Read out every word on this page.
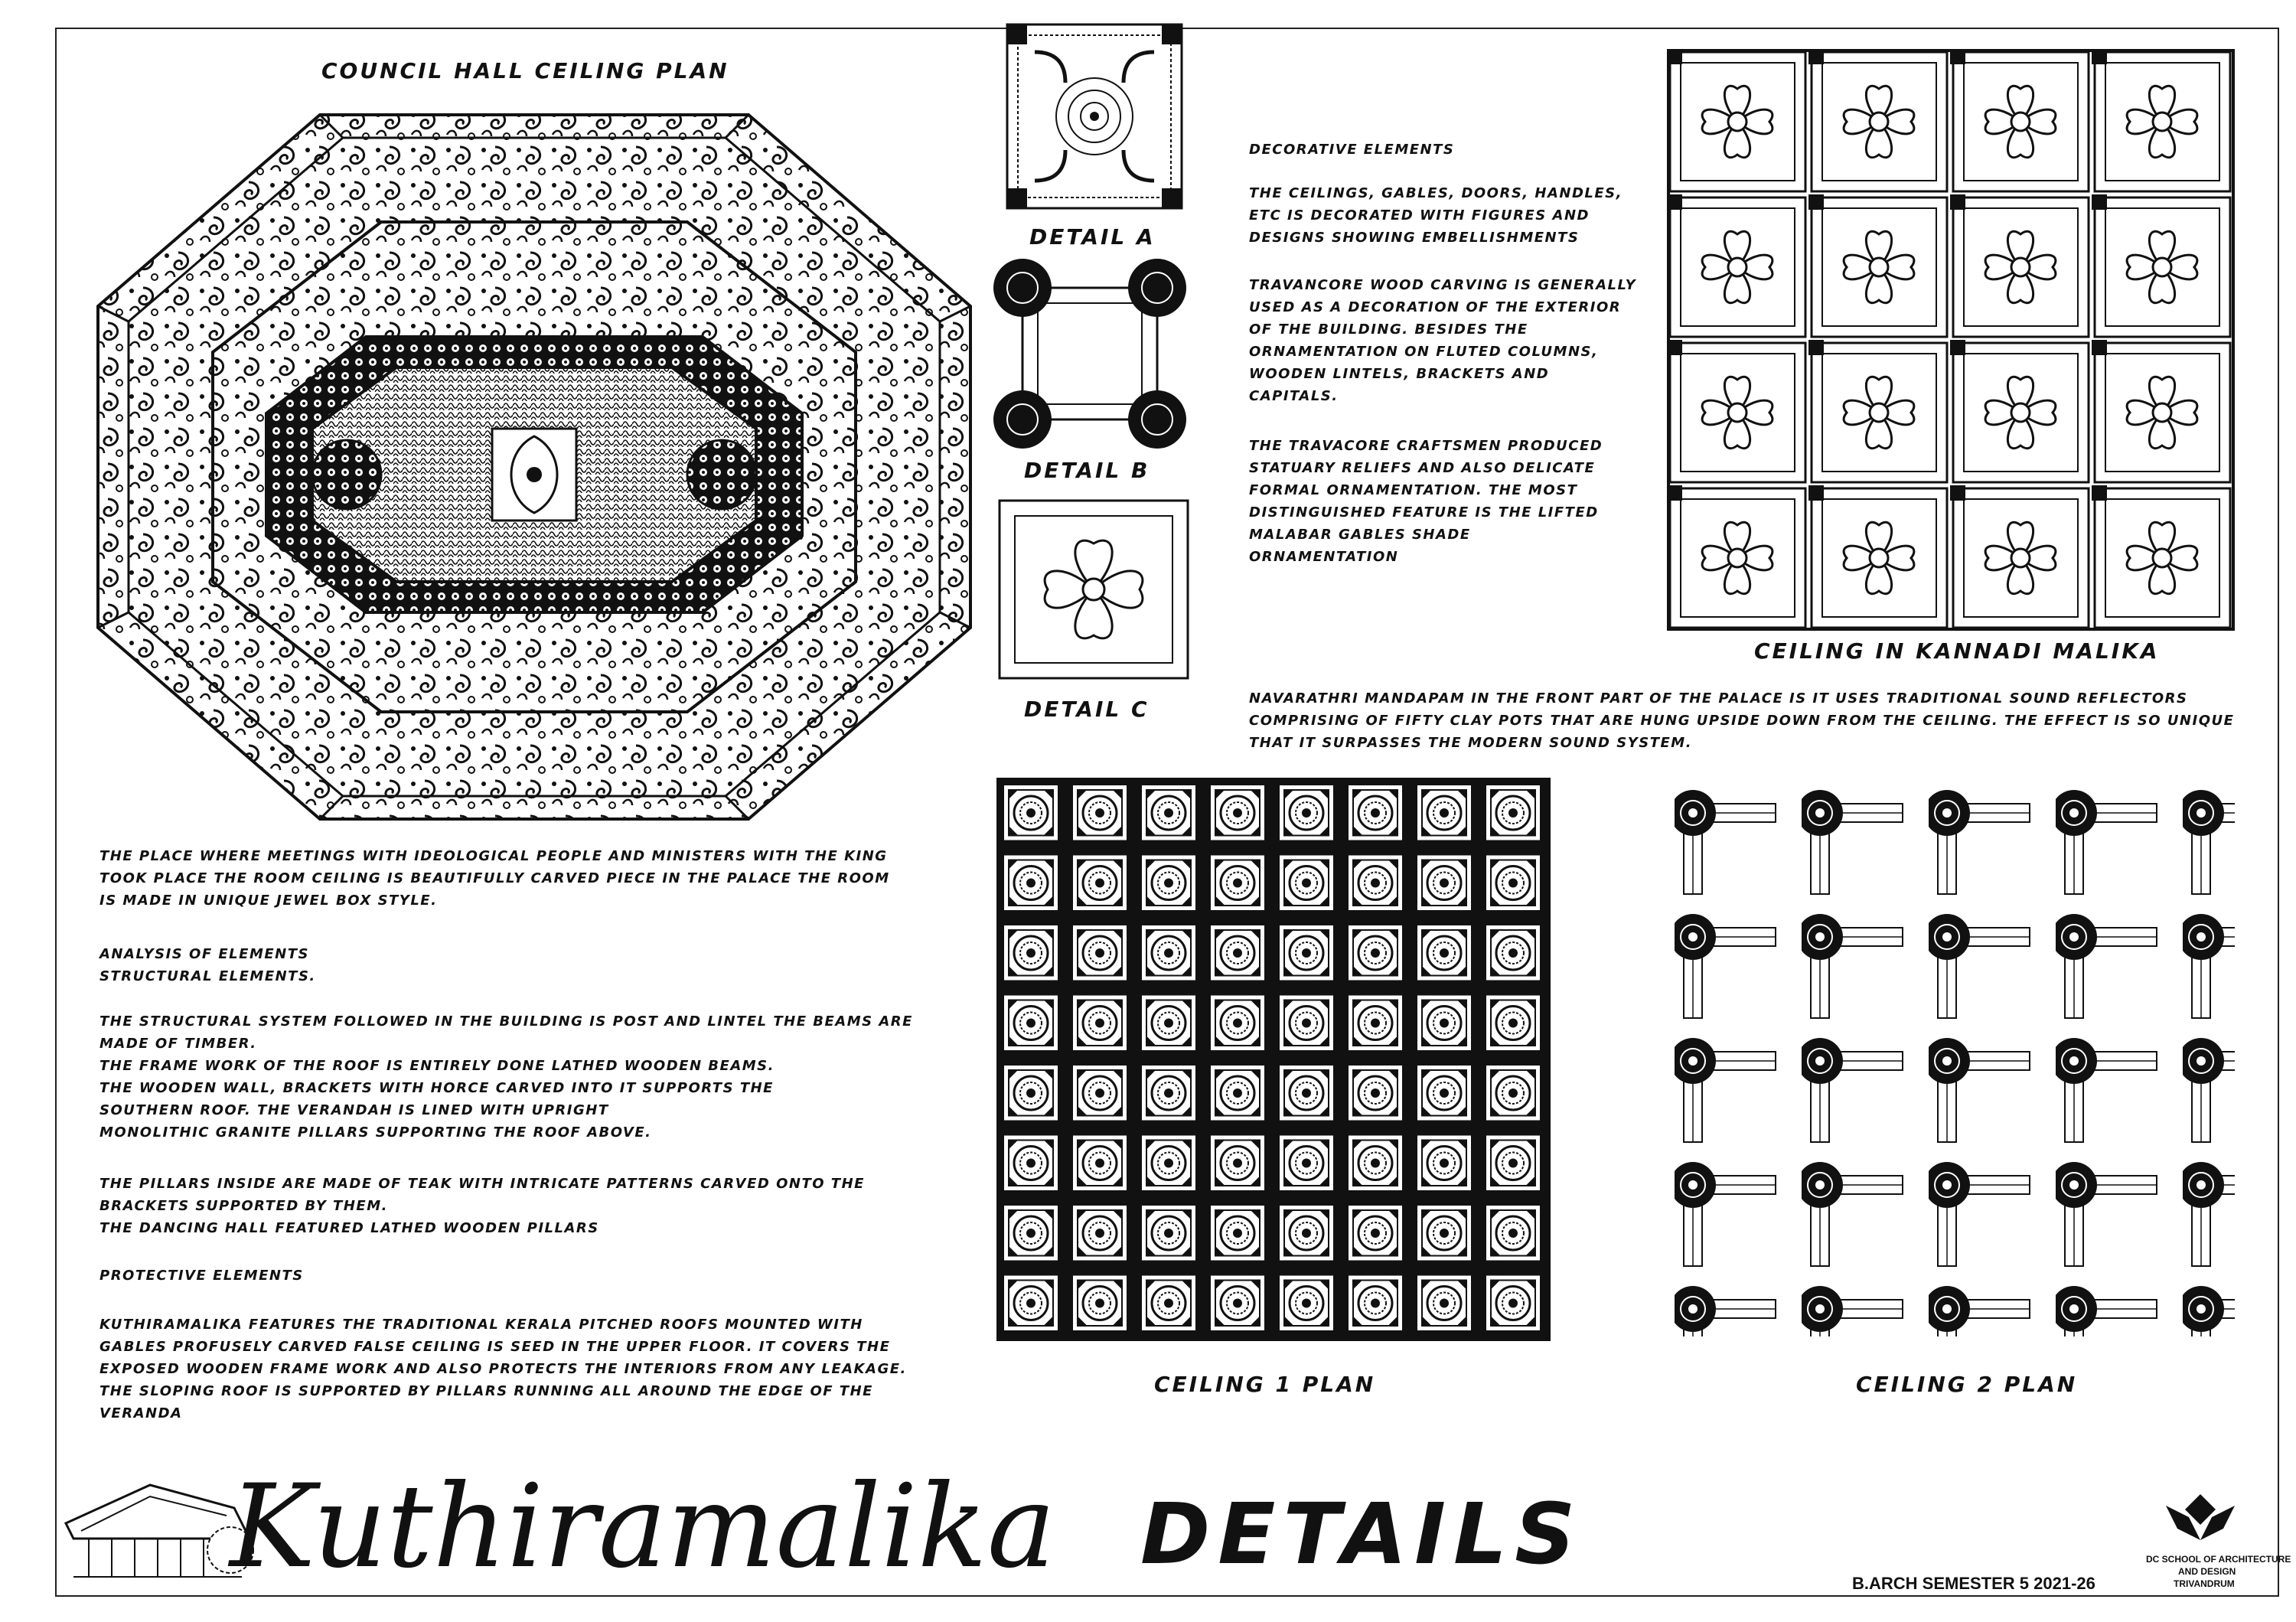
COUNCIL HALL CEILING PLAN
DETAIL A
DETAIL B
DETAIL C
DECORATIVE ELEMENTS
THE CEILINGS, GABLES, DOORS, HANDLES,
ETC IS DECORATED WITH FIGURES AND
DESIGNS SHOWING EMBELLISHMENTS
TRAVANCORE WOOD CARVING IS GENERALLY
USED AS A DECORATION OF THE EXTERIOR
OF THE BUILDING. BESIDES THE
ORNAMENTATION ON FLUTED COLUMNS,
WOODEN LINTELS, BRACKETS AND
CAPITALS.
THE TRAVACORE CRAFTSMEN PRODUCED
STATUARY RELIEFS AND ALSO DELICATE
FORMAL ORNAMENTATION. THE MOST
DISTINGUISHED FEATURE IS THE LIFTED
MALABAR GABLES SHADE
ORNAMENTATION
CEILING IN KANNADI MALIKA
NAVARATHRI MANDAPAM IN THE FRONT PART OF THE PALACE IS IT USES TRADITIONAL SOUND REFLECTORS
COMPRISING OF FIFTY CLAY POTS THAT ARE HUNG UPSIDE DOWN FROM THE CEILING. THE EFFECT IS SO UNIQUE
THAT IT SURPASSES THE MODERN SOUND SYSTEM.
THE PLACE WHERE MEETINGS WITH IDEOLOGICAL PEOPLE AND MINISTERS WITH THE KING
TOOK PLACE THE ROOM CEILING IS BEAUTIFULLY CARVED PIECE IN THE PALACE THE ROOM
IS MADE IN UNIQUE JEWEL BOX STYLE.
ANALYSIS OF ELEMENTS
STRUCTURAL ELEMENTS.
THE STRUCTURAL SYSTEM FOLLOWED IN THE BUILDING IS POST AND LINTEL THE BEAMS ARE
MADE OF TIMBER.
THE FRAME WORK OF THE ROOF IS ENTIRELY DONE LATHED WOODEN BEAMS.
THE WOODEN WALL, BRACKETS WITH HORCE CARVED INTO IT SUPPORTS THE
SOUTHERN ROOF. THE VERANDAH IS LINED WITH UPRIGHT
MONOLITHIC GRANITE PILLARS SUPPORTING THE ROOF ABOVE.
THE PILLARS INSIDE ARE MADE OF TEAK WITH INTRICATE PATTERNS CARVED ONTO THE
BRACKETS SUPPORTED BY THEM.
THE DANCING HALL FEATURED LATHED WOODEN PILLARS
PROTECTIVE ELEMENTS
KUTHIRAMALIKA FEATURES THE TRADITIONAL KERALA PITCHED ROOFS MOUNTED WITH
GABLES PROFUSELY CARVED FALSE CEILING IS SEED IN THE UPPER FLOOR. IT COVERS THE
EXPOSED WOODEN FRAME WORK AND ALSO PROTECTS THE INTERIORS FROM ANY LEAKAGE.
THE SLOPING ROOF IS SUPPORTED BY PILLARS RUNNING ALL AROUND THE EDGE OF THE
VERANDA
CEILING 1 PLAN	CEILING 2 PLAN
Kuthiramalika DETAILS
B.ARCH SEMESTER 5 2021-26
DC SCHOOL OF ARCHITECTURE
AND DESIGN
TRIVANDRUM
